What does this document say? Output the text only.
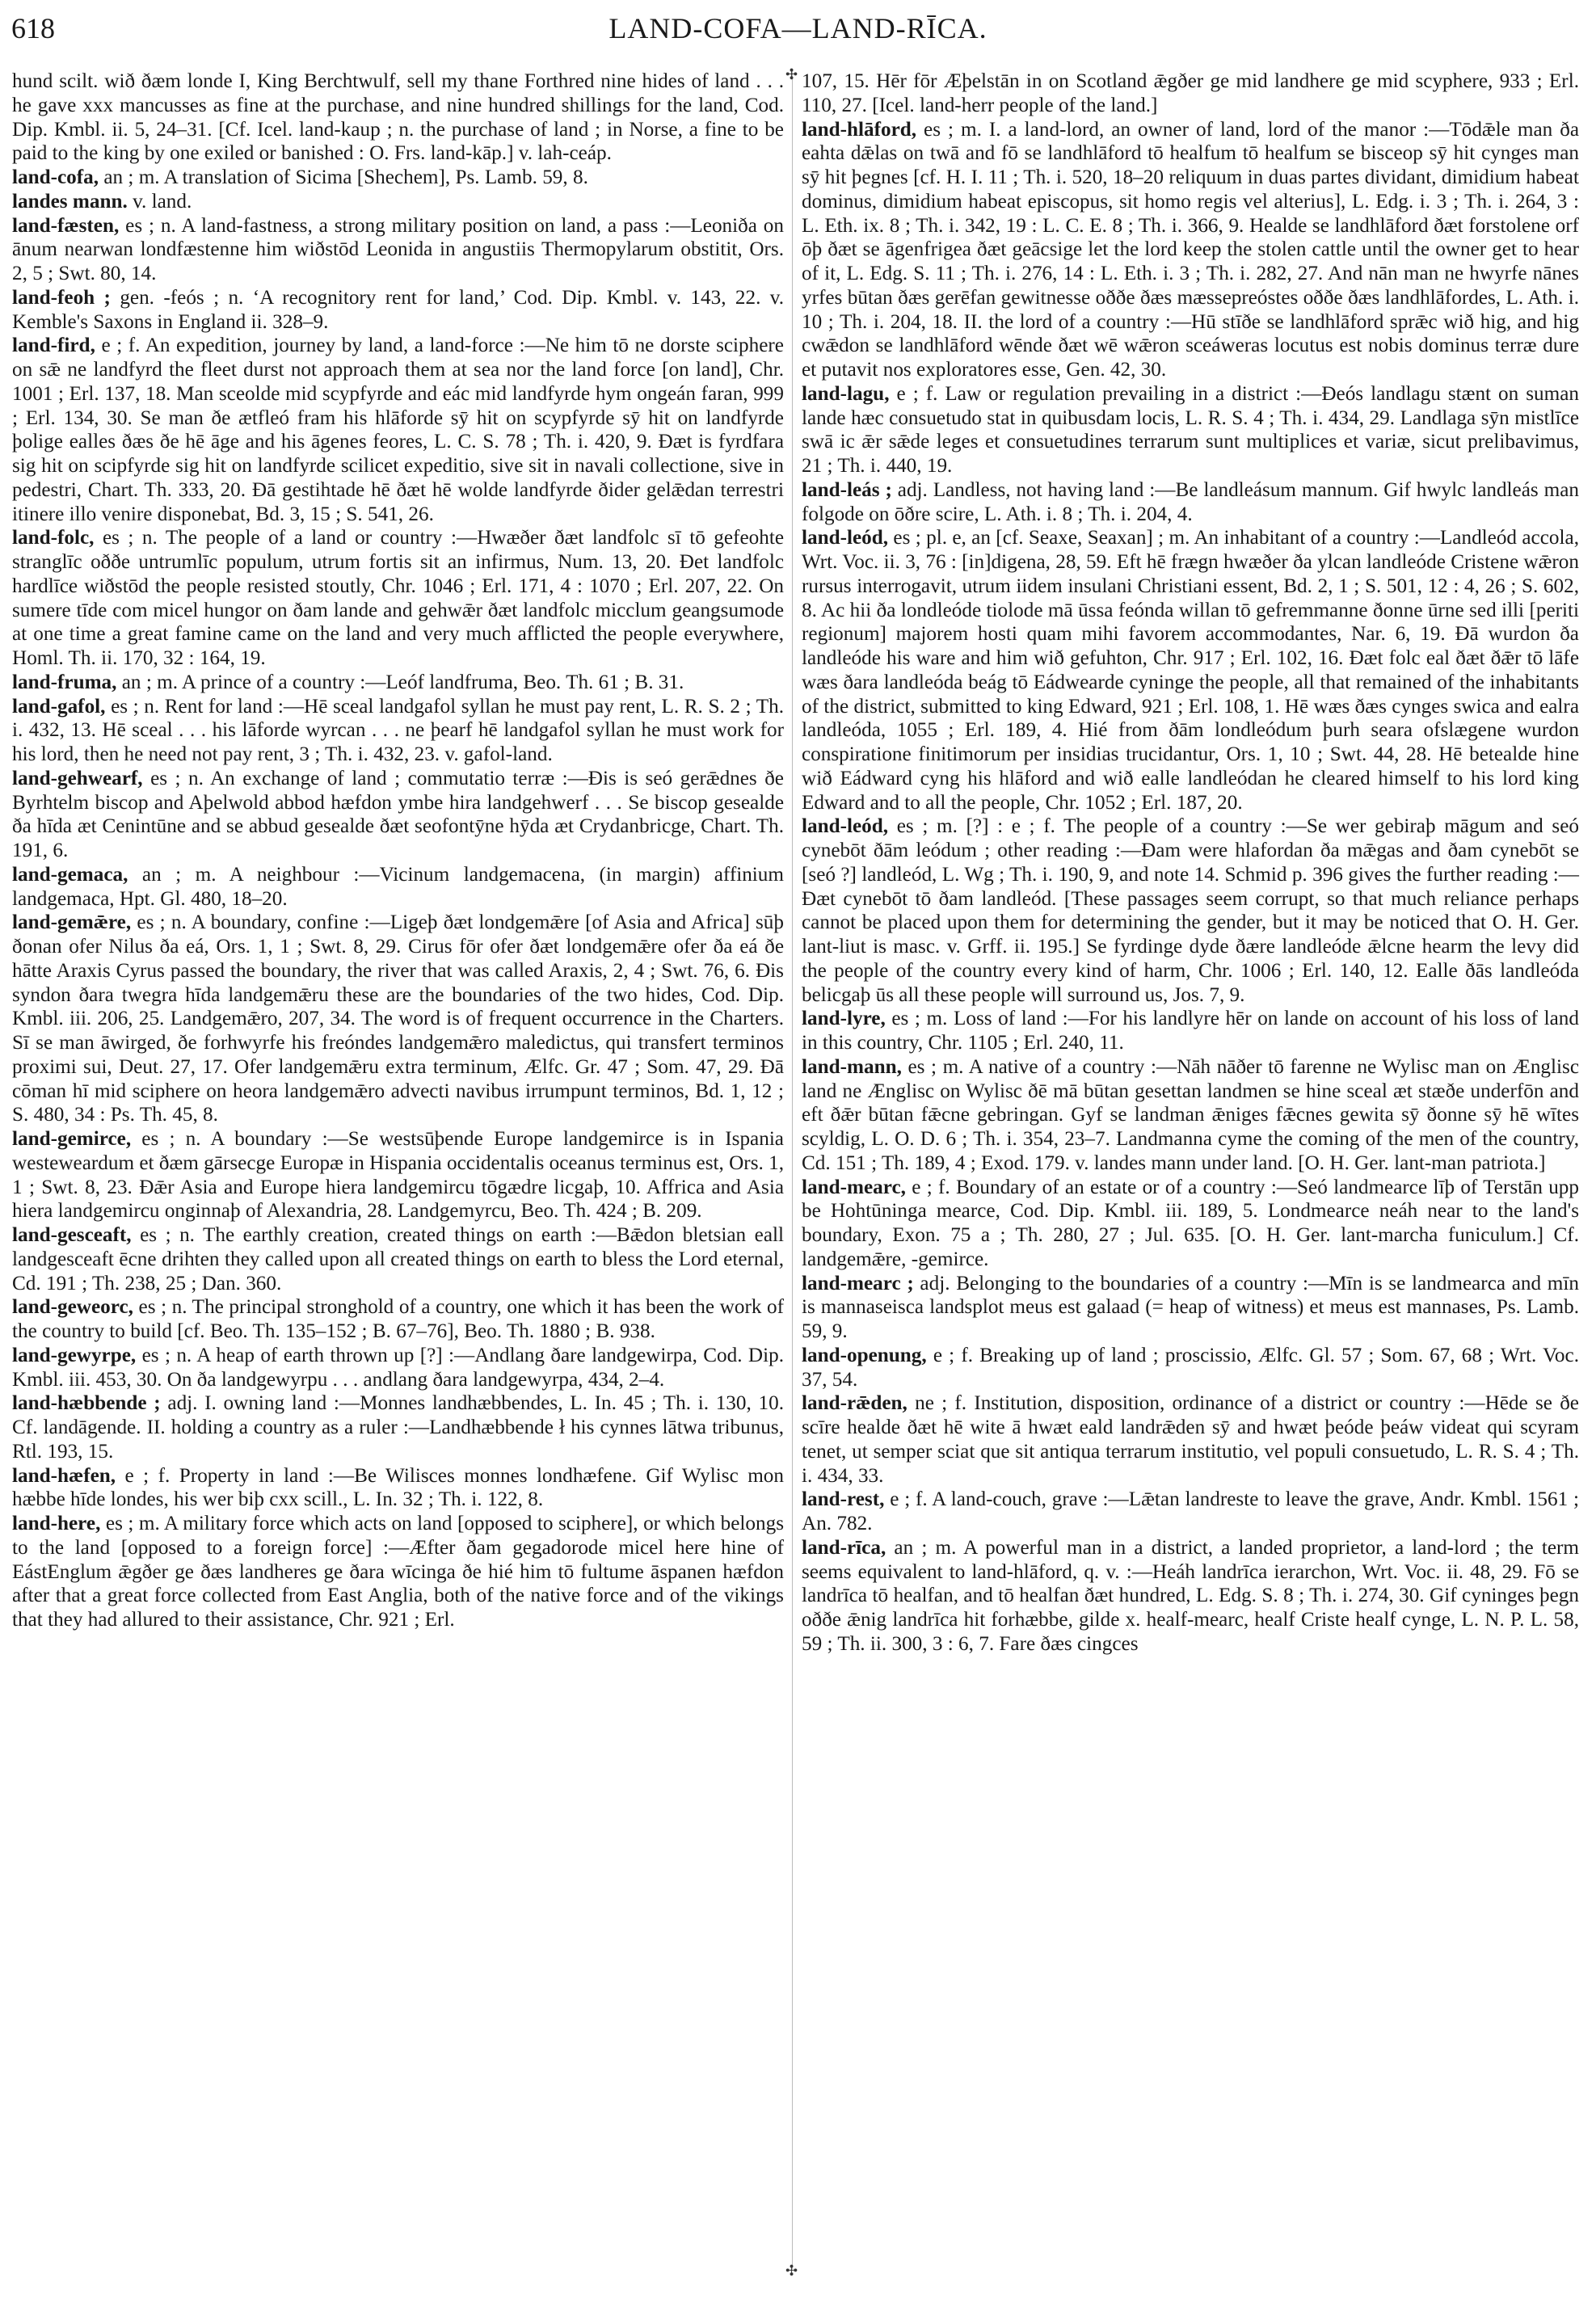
618	LAND-COFA—LAND-RĪCA.
✣
✣

hund scilt. wið ðæm londe I, King Berchtwulf, sell my thane Forthred nine hides of land . . . he gave xxx mancusses as fine at the purchase, and nine hundred shillings for the land, Cod. Dip. Kmbl. ii. 5, 24–31. [Cf. Icel. land-kaup ; n. the purchase of land ; in Norse, a fine to be paid to the king by one exiled or banished : O. Frs. land-kāp.] v. lah-ceáp.

land-cofa, an ; m. A translation of Sicima [Shechem], Ps. Lamb. 59, 8.

landes mann. v. land.

land-fæsten, es ; n. A land-fastness, a strong military position on land, a pass :—Leoniða on ānum nearwan londfæstenne him wiðstōd Leonida in angustiis Thermopylarum obstitit, Ors. 2, 5 ; Swt. 80, 14.

land-feoh ; gen. -feós ; n. ‘A recognitory rent for land,’ Cod. Dip. Kmbl. v. 143, 22. v. Kemble's Saxons in England ii. 328–9.

land-fird, e ; f. An expedition, journey by land, a land-force :—Ne him tō ne dorste sciphere on sǣ ne landfyrd the fleet durst not approach them at sea nor the land force [on land], Chr. 1001 ; Erl. 137, 18. Man sceolde mid scypfyrde and eác mid landfyrde hym ongeán faran, 999 ; Erl. 134, 30. Se man ðe ætfleó fram his hlāforde sȳ hit on scypfyrde sȳ hit on landfyrde þolige ealles ðæs ðe hē āge and his āgenes feores, L. C. S. 78 ; Th. i. 420, 9. Ðæt is fyrdfara sig hit on scipfyrde sig hit on landfyrde scilicet expeditio, sive sit in navali collectione, sive in pedestri, Chart. Th. 333, 20. Ðā gestihtade hē ðæt hē wolde landfyrde ðider gelǣdan terrestri itinere illo venire disponebat, Bd. 3, 15 ; S. 541, 26.

land-folc, es ; n. The people of a land or country :—Hwæðer ðæt landfolc sī tō gefeohte stranglīc oððe untrumlīc populum, utrum fortis sit an infirmus, Num. 13, 20. Ðet landfolc hardlīce wiðstōd the people resisted stoutly, Chr. 1046 ; Erl. 171, 4 : 1070 ; Erl. 207, 22. On sumere tīde com micel hungor on ðam lande and gehwǣr ðæt landfolc micclum geangsumode at one time a great famine came on the land and very much afflicted the people everywhere, Homl. Th. ii. 170, 32 : 164, 19.

land-fruma, an ; m. A prince of a country :—Leóf landfruma, Beo. Th. 61 ; B. 31.

land-gafol, es ; n. Rent for land :—Hē sceal landgafol syllan he must pay rent, L. R. S. 2 ; Th. i. 432, 13. Hē sceal . . . his lāforde wyrcan . . . ne þearf hē landgafol syllan he must work for his lord, then he need not pay rent, 3 ; Th. i. 432, 23. v. gafol-land.

land-gehwearf, es ; n. An exchange of land ; commutatio terræ :—Ðis is seó gerǣdnes ðe Byrhtelm biscop and Aþelwold abbod hæfdon ymbe hira landgehwerf . . . Se biscop gesealde ða hīda æt Cenintūne and se abbud gesealde ðæt seofontȳne hȳda æt Crydanbricge, Chart. Th. 191, 6.

land-gemaca, an ; m. A neighbour :—Vicinum landgemacena, (in margin) affinium landgemaca, Hpt. Gl. 480, 18–20.

land-gemǣre, es ; n. A boundary, confine :—Ligeþ ðæt londgemǣre [of Asia and Africa] sūþ ðonan ofer Nilus ða eá, Ors. 1, 1 ; Swt. 8, 29. Cirus fōr ofer ðæt londgemǣre ofer ða eá ðe hātte Araxis Cyrus passed the boundary, the river that was called Araxis, 2, 4 ; Swt. 76, 6. Ðis syndon ðara twegra hīda landgemǣru these are the boundaries of the two hides, Cod. Dip. Kmbl. iii. 206, 25. Landgemǣro, 207, 34. The word is of frequent occurrence in the Charters. Sī se man āwirged, ðe forhwyrfe his freóndes landgemǣro maledictus, qui transfert terminos proximi sui, Deut. 27, 17. Ofer landgemǣru extra terminum, Ælfc. Gr. 47 ; Som. 47, 29. Ðā cōman hī mid sciphere on heora landgemǣro advecti navibus irrumpunt terminos, Bd. 1, 12 ; S. 480, 34 : Ps. Th. 45, 8.

land-gemirce, es ; n. A boundary :—Se westsūþende Europe landgemirce is in Ispania westeweardum et ðæm gārsecge Europæ in Hispania occidentalis oceanus terminus est, Ors. 1, 1 ; Swt. 8, 23. Ðǣr Asia and Europe hiera landgemircu tōgædre licgaþ, 10. Affrica and Asia hiera landgemircu onginnaþ of Alexandria, 28. Landgemyrcu, Beo. Th. 424 ; B. 209.

land-gesceaft, es ; n. The earthly creation, created things on earth :—Bǣdon bletsian eall landgesceaft ēcne drihten they called upon all created things on earth to bless the Lord eternal, Cd. 191 ; Th. 238, 25 ; Dan. 360.

land-geweorc, es ; n. The principal stronghold of a country, one which it has been the work of the country to build [cf. Beo. Th. 135–152 ; B. 67–76], Beo. Th. 1880 ; B. 938.

land-gewyrpe, es ; n. A heap of earth thrown up [?] :—Andlang ðare landgewirpa, Cod. Dip. Kmbl. iii. 453, 30. On ða landgewyrpu . . . andlang ðara landgewyrpa, 434, 2–4.

land-hæbbende ; adj. I. owning land :—Monnes landhæbbendes, L. In. 45 ; Th. i. 130, 10. Cf. landāgende. II. holding a country as a ruler :—Landhæbbende ł his cynnes lātwa tribunus, Rtl. 193, 15.

land-hæfen, e ; f. Property in land :—Be Wilisces monnes londhæfene. Gif Wylisc mon hæbbe hīde londes, his wer biþ cxx scill., L. In. 32 ; Th. i. 122, 8.

land-here, es ; m. A military force which acts on land [opposed to sciphere], or which belongs to the land [opposed to a foreign force] :—Æfter ðam gegadorode micel here hine of EástEnglum ǣgðer ge ðæs landheres ge ðara wīcinga ðe hié him tō fultume āspanen hæfdon after that a great force collected from East Anglia, both of the native force and of the vikings that they had allured to their assistance, Chr. 921 ; Erl.

107, 15. Hēr fōr Æþelstān in on Scotland ǣgðer ge mid landhere ge mid scyphere, 933 ; Erl. 110, 27. [Icel. land-herr people of the land.]

land-hlāford, es ; m. I. a land-lord, an owner of land, lord of the manor :—Tōdǣle man ða eahta dǣlas on twā and fō se landhlāford tō healfum tō healfum se bisceop sȳ hit cynges man sȳ hit þegnes [cf. H. I. 11 ; Th. i. 520, 18–20 reliquum in duas partes dividant, dimidium habeat dominus, dimidium habeat episcopus, sit homo regis vel alterius], L. Edg. i. 3 ; Th. i. 264, 3 : L. Eth. ix. 8 ; Th. i. 342, 19 : L. C. E. 8 ; Th. i. 366, 9. Healde se landhlāford ðæt forstolene orf ōþ ðæt se āgenfrigea ðæt geācsige let the lord keep the stolen cattle until the owner get to hear of it, L. Edg. S. 11 ; Th. i. 276, 14 : L. Eth. i. 3 ; Th. i. 282, 27. And nān man ne hwyrfe nānes yrfes būtan ðæs gerēfan gewitnesse oððe ðæs mæssepreóstes oððe ðæs landhlāfordes, L. Ath. i. 10 ; Th. i. 204, 18. II. the lord of a country :—Hū stīðe se landhlāford sprǣc wið hig, and hig cwǣdon se landhlāford wēnde ðæt wē wǣron sceáweras locutus est nobis dominus terræ dure et putavit nos exploratores esse, Gen. 42, 30.

land-lagu, e ; f. Law or regulation prevailing in a district :—Ðeós landlagu stænt on suman lande hæc consuetudo stat in quibusdam locis, L. R. S. 4 ; Th. i. 434, 29. Landlaga sȳn mistlīce swā ic ǣr sǣde leges et consuetudines terrarum sunt multiplices et variæ, sicut prelibavimus, 21 ; Th. i. 440, 19.

land-leás ; adj. Landless, not having land :—Be landleásum mannum. Gif hwylc landleás man folgode on ōðre scire, L. Ath. i. 8 ; Th. i. 204, 4.

land-leód, es ; pl. e, an [cf. Seaxe, Seaxan] ; m. An inhabitant of a country :—Landleód accola, Wrt. Voc. ii. 3, 76 : [in]digena, 28, 59. Eft hē frægn hwæðer ða ylcan landleóde Cristene wǣron rursus interrogavit, utrum iidem insulani Christiani essent, Bd. 2, 1 ; S. 501, 12 : 4, 26 ; S. 602, 8. Ac hii ða londleóde tiolode mā ūssa feónda willan tō gefremmanne ðonne ūrne sed illi [periti regionum] majorem hosti quam mihi favorem accommodantes, Nar. 6, 19. Ðā wurdon ða landleóde his ware and him wið gefuhton, Chr. 917 ; Erl. 102, 16. Ðæt folc eal ðæt ðǣr tō lāfe wæs ðara landleóda beág tō Eádwearde cyninge the people, all that remained of the inhabitants of the district, submitted to king Edward, 921 ; Erl. 108, 1. Hē wæs ðæs cynges swica and ealra landleóda, 1055 ; Erl. 189, 4. Hié from ðām londleódum þurh seara ofslægene wurdon conspiratione finitimorum per insidias trucidantur, Ors. 1, 10 ; Swt. 44, 28. Hē betealde hine wið Eádward cyng his hlāford and wið ealle landleódan he cleared himself to his lord king Edward and to all the people, Chr. 1052 ; Erl. 187, 20.

land-leód, es ; m. [?] : e ; f. The people of a country :—Se wer gebiraþ māgum and seó cynebōt ðām leódum ; other reading :—Ðam were hlafordan ða mǣgas and ðam cynebōt se [seó ?] landleód, L. Wg ; Th. i. 190, 9, and note 14. Schmid p. 396 gives the further reading :—Ðæt cynebōt tō ðam landleód. [These passages seem corrupt, so that much reliance perhaps cannot be placed upon them for determining the gender, but it may be noticed that O. H. Ger. lant-liut is masc. v. Grff. ii. 195.] Se fyrdinge dyde ðære landleóde ǣlcne hearm the levy did the people of the country every kind of harm, Chr. 1006 ; Erl. 140, 12. Ealle ðās landleóda belicgaþ ūs all these people will surround us, Jos. 7, 9.

land-lyre, es ; m. Loss of land :—For his landlyre hēr on lande on account of his loss of land in this country, Chr. 1105 ; Erl. 240, 11.

land-mann, es ; m. A native of a country :—Nāh nāðer tō farenne ne Wylisc man on Ænglisc land ne Ænglisc on Wylisc ðē mā būtan gesettan landmen se hine sceal æt stæðe underfōn and eft ðǣr būtan fǣcne gebringan. Gyf se landman ǣniges fǣcnes gewita sȳ ðonne sȳ hē wītes scyldig, L. O. D. 6 ; Th. i. 354, 23–7. Landmanna cyme the coming of the men of the country, Cd. 151 ; Th. 189, 4 ; Exod. 179. v. landes mann under land. [O. H. Ger. lant-man patriota.]

land-mearc, e ; f. Boundary of an estate or of a country :—Seó landmearce līþ of Terstān upp be Hohtūninga mearce, Cod. Dip. Kmbl. iii. 189, 5. Londmearce neáh near to the land's boundary, Exon. 75 a ; Th. 280, 27 ; Jul. 635. [O. H. Ger. lant-marcha funiculum.] Cf. landgemǣre, -gemirce.

land-mearc ; adj. Belonging to the boundaries of a country :—Mīn is se landmearca and mīn is mannaseisca landsplot meus est galaad (= heap of witness) et meus est mannases, Ps. Lamb. 59, 9.

land-openung, e ; f. Breaking up of land ; proscissio, Ælfc. Gl. 57 ; Som. 67, 68 ; Wrt. Voc. 37, 54.

land-rǣden, ne ; f. Institution, disposition, ordinance of a district or country :—Hēde se ðe scīre healde ðæt hē wite ā hwæt eald landrǣden sȳ and hwæt þeóde þeáw videat qui scyram tenet, ut semper sciat que sit antiqua terrarum institutio, vel populi consuetudo, L. R. S. 4 ; Th. i. 434, 33.

land-rest, e ; f. A land-couch, grave :—Lǣtan landreste to leave the grave, Andr. Kmbl. 1561 ; An. 782.

land-rīca, an ; m. A powerful man in a district, a landed proprietor, a land-lord ; the term seems equivalent to land-hlāford, q. v. :—Heáh landrīca ierarchon, Wrt. Voc. ii. 48, 29. Fō se landrīca tō healfan, and tō healfan ðæt hundred, L. Edg. S. 8 ; Th. i. 274, 30. Gif cyninges þegn oððe ǣnig landrīca hit forhæbbe, gilde x. healf-mearc, healf Criste healf cynge, L. N. P. L. 58, 59 ; Th. ii. 300, 3 : 6, 7. Fare ðæs cingces
